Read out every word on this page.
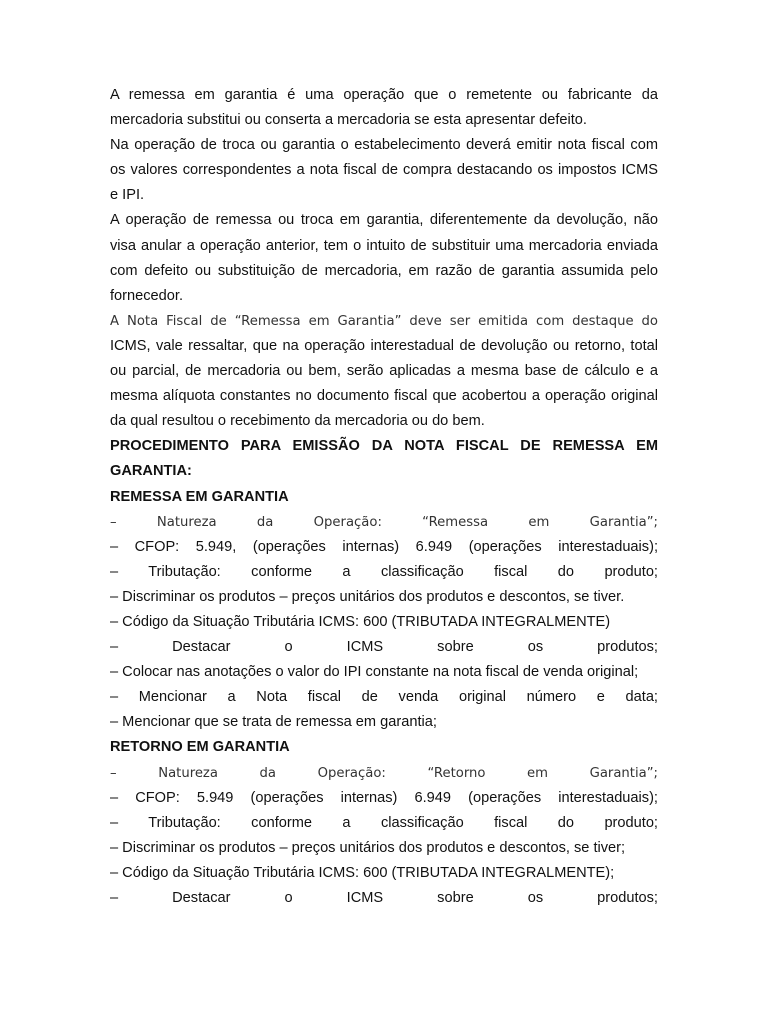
A remessa em garantia é uma operação que o remetente ou fabricante da mercadoria substitui ou conserta a mercadoria se esta apresentar defeito.

Na operação de troca ou garantia o estabelecimento deverá emitir nota fiscal com os valores correspondentes a nota fiscal de compra destacando os impostos ICMS e IPI.

A operação de remessa ou troca em garantia, diferentemente da devolução, não visa anular a operação anterior, tem o intuito de substituir uma mercadoria enviada com defeito ou substituição de mercadoria, em razão de garantia assumida pelo fornecedor.

A Nota Fiscal de “Remessa em Garantia” deve ser emitida com destaque do

ICMS, vale ressaltar, que na operação interestadual de devolução ou retorno, total ou parcial, de mercadoria ou bem, serão aplicadas a mesma base de cálculo e a mesma alíquota constantes no documento fiscal que acobertou a operação original da qual resultou o recebimento da mercadoria ou do bem.

PROCEDIMENTO PARA EMISSÃO DA NOTA FISCAL DE REMESSA EM GARANTIA:

REMESSA EM GARANTIA

– Natureza da Operação: “Remessa em Garantia”;

– CFOP: 5.949, (operações internas) 6.949 (operações interestaduais);

– Tributação: conforme a classificação fiscal do produto;

– Discriminar os produtos – preços unitários dos produtos e descontos, se tiver.

– Código da Situação Tributária ICMS: 600 (TRIBUTADA INTEGRALMENTE)

– Destacar o ICMS sobre os produtos;

– Colocar nas anotações o valor do IPI constante na nota fiscal de venda original;

– Mencionar a Nota fiscal de venda original número e data;

– Mencionar que se trata de remessa em garantia;

RETORNO EM GARANTIA

– Natureza da Operação: “Retorno em Garantia”;

– CFOP: 5.949 (operações internas) 6.949 (operações interestaduais);

– Tributação: conforme a classificação fiscal do produto;

– Discriminar os produtos – preços unitários dos produtos e descontos, se tiver;

– Código da Situação Tributária ICMS: 600 (TRIBUTADA INTEGRALMENTE);

– Destacar o ICMS sobre os produtos;
